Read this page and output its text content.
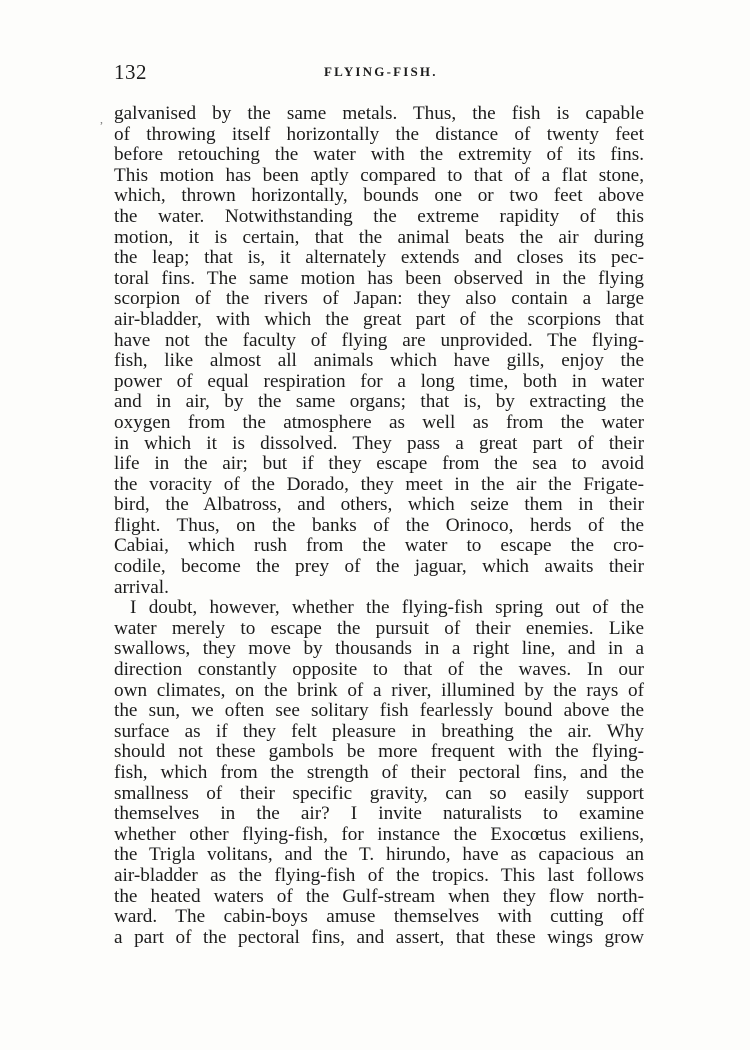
132	FLYING-FISH.
, galvanised by the same metals. Thus, the fish is capable
of throwing itself horizontally the distance of twenty feet
before retouching the water with the extremity of its fins.
This motion has been aptly compared to that of a flat stone,
which, thrown horizontally, bounds one or two feet above
the water. Notwithstanding the extreme rapidity of this
motion, it is certain, that the animal beats the air during
the leap; that is, it alternately extends and closes its pec-
toral fins. The same motion has been observed in the flying
scorpion of the rivers of Japan: they also contain a large
air-bladder, with which the great part of the scorpions that
have not the faculty of flying are unprovided. The flying-
fish, like almost all animals which have gills, enjoy the
power of equal respiration for a long time, both in water
and in air, by the same organs; that is, by extracting the
oxygen from the atmosphere as well as from the water
in which it is dissolved. They pass a great part of their
life in the air; but if they escape from the sea to avoid
the voracity of the Dorado, they meet in the air the Frigate-
bird, the Albatross, and others, which seize them in their
flight. Thus, on the banks of the Orinoco, herds of the
Cabiai, which rush from the water to escape the cro-
codile, become the prey of the jaguar, which awaits their
arrival.
I doubt, however, whether the flying-fish spring out of the
water merely to escape the pursuit of their enemies. Like
swallows, they move by thousands in a right line, and in a
direction constantly opposite to that of the waves. In our
own climates, on the brink of a river, illumined by the rays of
the sun, we often see solitary fish fearlessly bound above the
surface as if they felt pleasure in breathing the air. Why
should not these gambols be more frequent with the flying-
fish, which from the strength of their pectoral fins, and the
smallness of their specific gravity, can so easily support
themselves in the air? I invite naturalists to examine
whether other flying-fish, for instance the Exocœtus exiliens,
the Trigla volitans, and the T. hirundo, have as capacious an
air-bladder as the flying-fish of the tropics. This last follows
the heated waters of the Gulf-stream when they flow north-
ward. The cabin-boys amuse themselves with cutting off
a part of the pectoral fins, and assert, that these wings grow
